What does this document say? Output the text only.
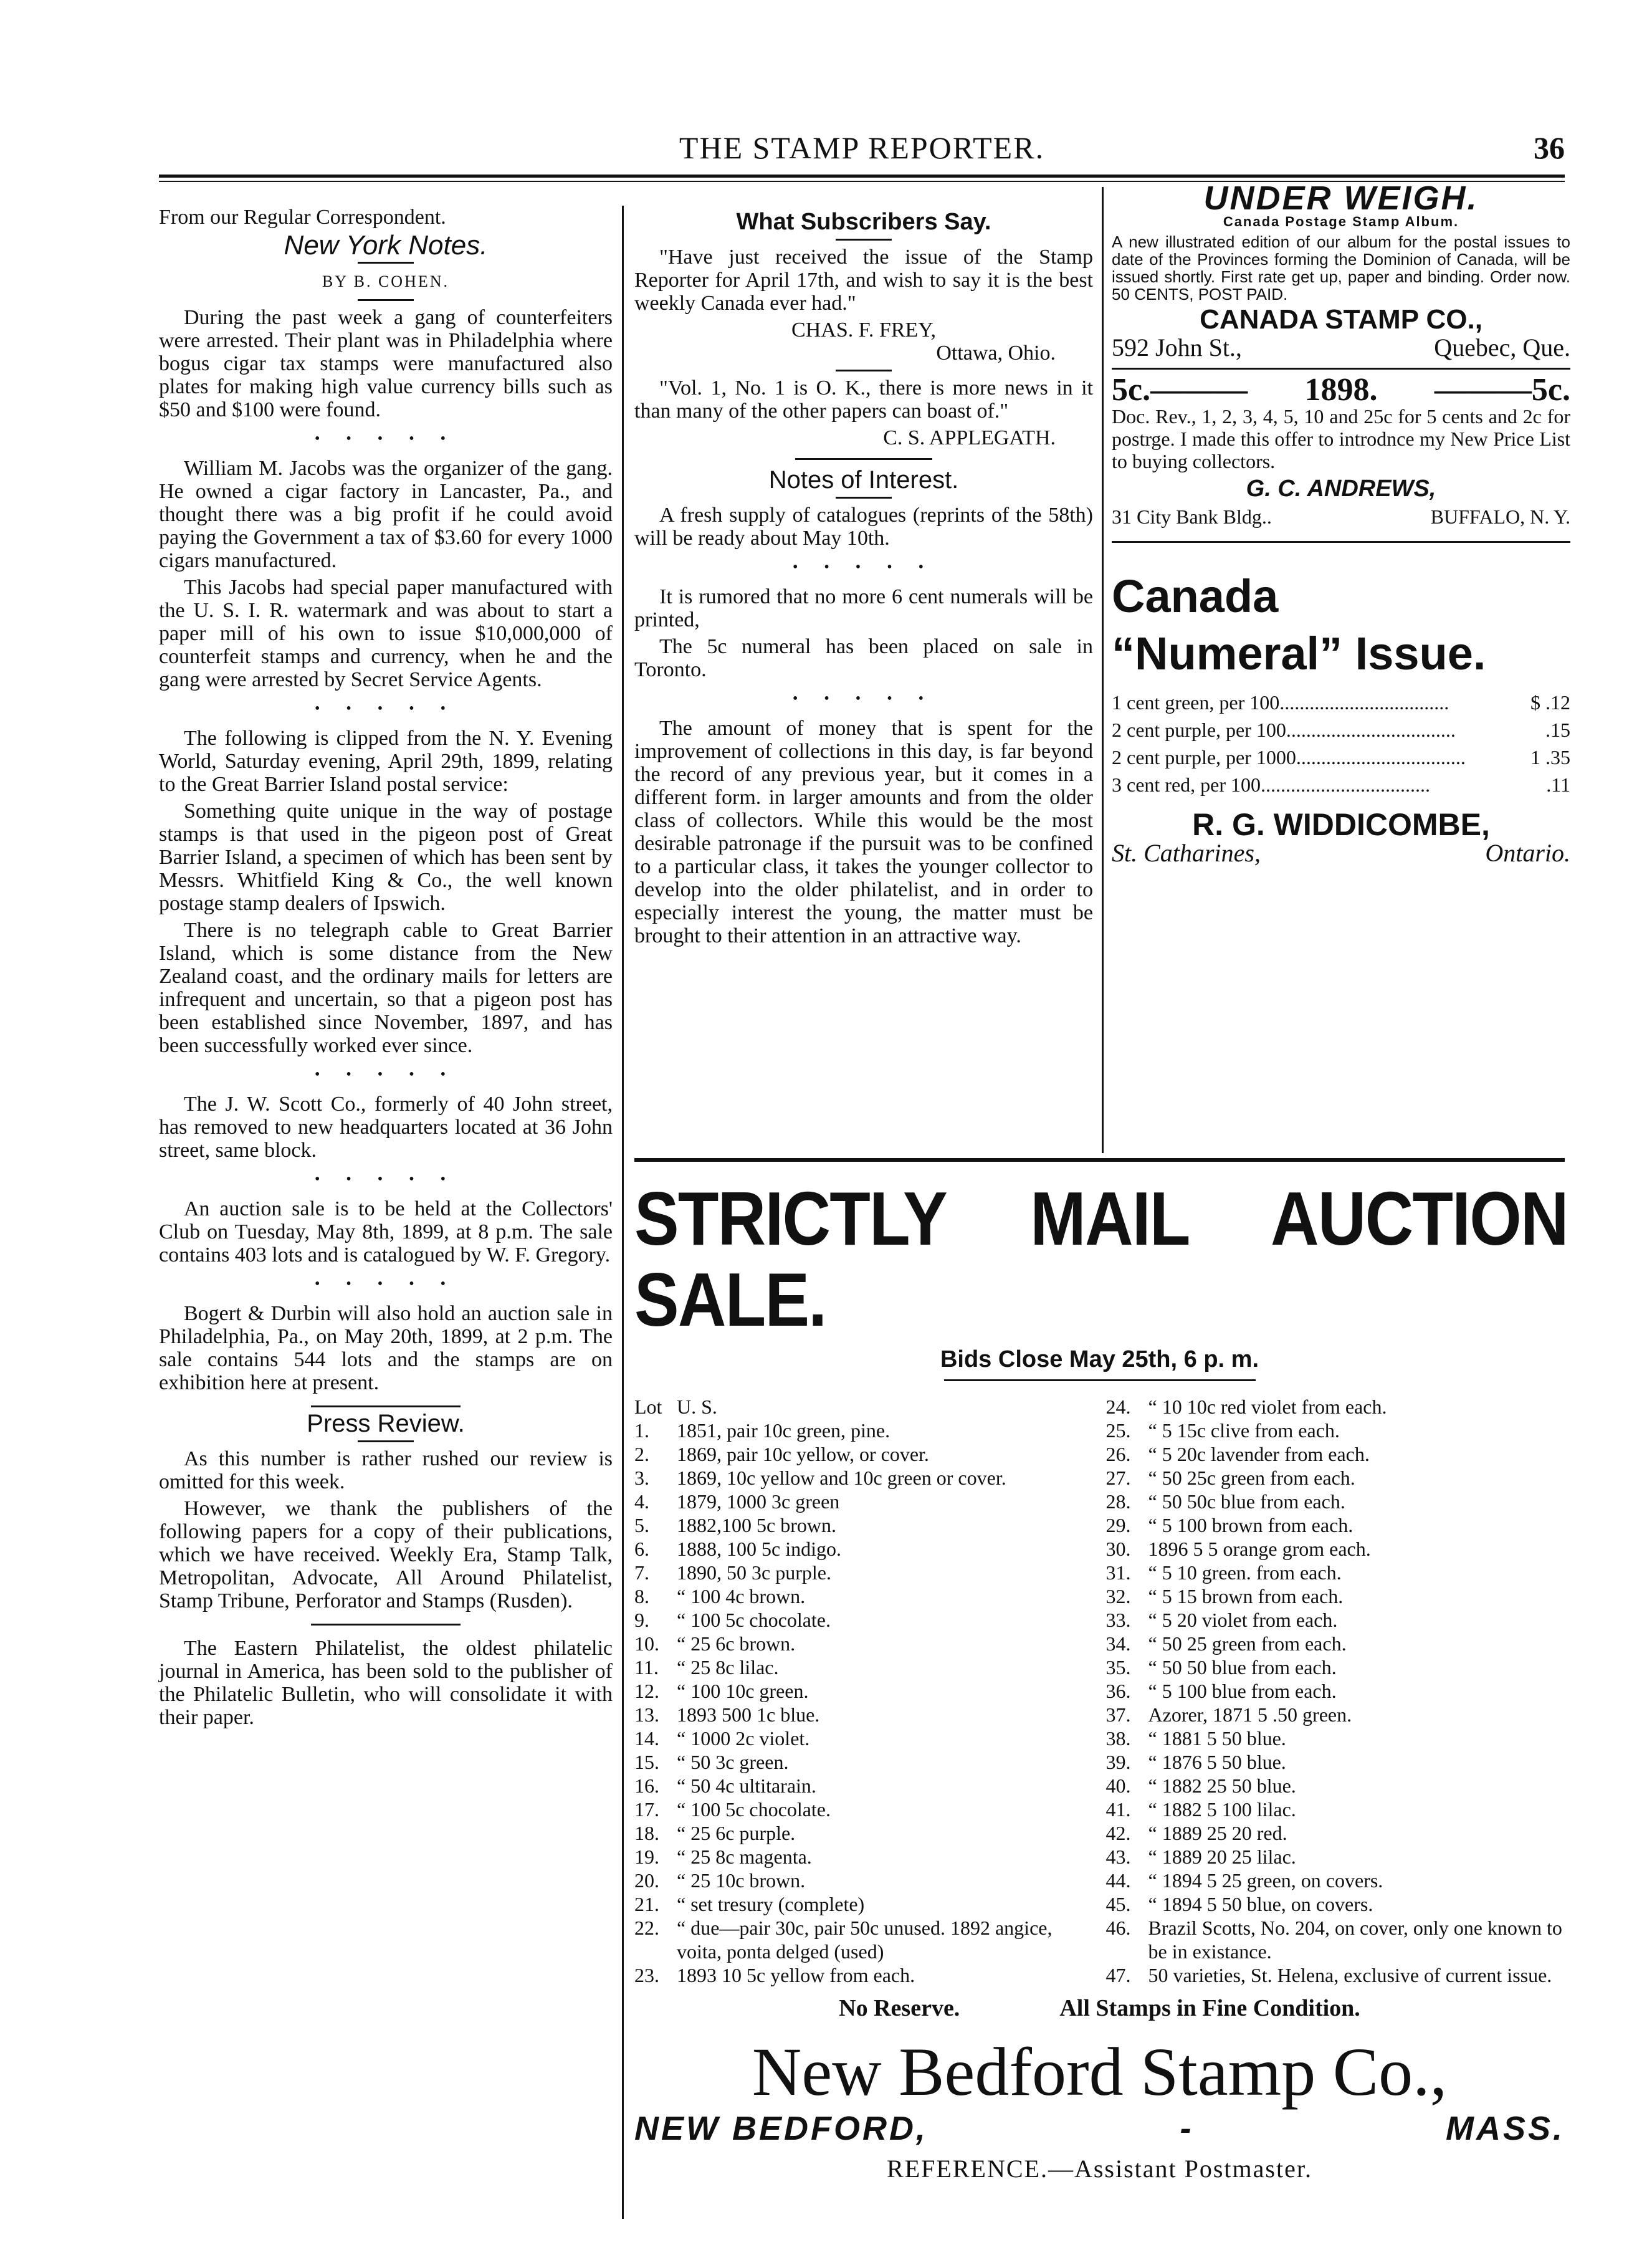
THE STAMP REPORTER.	36
From our Regular Correspondent.
New York Notes.
BY B. COHEN.

During the past week a gang of counterfeiters were arrested. Their plant was in Philadelphia where bogus cigar tax stamps were manufactured also plates for making high value currency bills such as $50 and $100 were found.

• • • • •

William M. Jacobs was the organizer of the gang. He owned a cigar factory in Lancaster, Pa., and thought there was a big profit if he could avoid paying the Government a tax of $3.60 for every 1000 cigars manufactured.

This Jacobs had special paper manufactured with the U. S. I. R. watermark and was about to start a paper mill of his own to issue $10,000,000 of counterfeit stamps and currency, when he and the gang were arrested by Secret Service Agents.

• • • • •

The following is clipped from the N. Y. Evening World, Saturday evening, April 29th, 1899, relating to the Great Barrier Island postal service:

Something quite unique in the way of postage stamps is that used in the pigeon post of Great Barrier Island, a specimen of which has been sent by Messrs. Whitfield King & Co., the well known postage stamp dealers of Ipswich.

There is no telegraph cable to Great Barrier Island, which is some distance from the New Zealand coast, and the ordinary mails for letters are infrequent and uncertain, so that a pigeon post has been established since November, 1897, and has been successfully worked ever since.

• • • • •

The J. W. Scott Co., formerly of 40 John street, has removed to new headquarters located at 36 John street, same block.

• • • • •

An auction sale is to be held at the Collectors' Club on Tuesday, May 8th, 1899, at 8 p.m. The sale contains 403 lots and is catalogued by W. F. Gregory.

• • • • •

Bogert & Durbin will also hold an auction sale in Philadelphia, Pa., on May 20th, 1899, at 2 p.m. The sale contains 544 lots and the stamps are on exhibition here at present.

Press Review.

As this number is rather rushed our review is omitted for this week.

However, we thank the publishers of the following papers for a copy of their publications, which we have received. Weekly Era, Stamp Talk, Metropolitan, Advocate, All Around Philatelist, Stamp Tribune, Perforator and Stamps (Rusden).

The Eastern Philatelist, the oldest philatelic journal in America, has been sold to the publisher of the Philatelic Bulletin, who will consolidate it with their paper.

What Subscribers Say.

"Have just received the issue of the Stamp Reporter for April 17th, and wish to say it is the best weekly Canada ever had."

CHAS. F. FREY,
Ottawa, Ohio.

"Vol. 1, No. 1 is O. K., there is more news in it than many of the other papers can boast of."

C. S. APPLEGATH.
Notes of Interest.

A fresh supply of catalogues (reprints of the 58th) will be ready about May 10th.

• • • • •

It is rumored that no more 6 cent numerals will be printed,

The 5c numeral has been placed on sale in Toronto.

• • • • •

The amount of money that is spent for the improvement of collections in this day, is far beyond the record of any previous year, but it comes in a different form. in larger amounts and from the older class of collectors. While this would be the most desirable patronage if the pursuit was to be confined to a particular class, it takes the younger collector to develop into the older philatelist, and in order to especially interest the young, the matter must be brought to their attention in an attractive way.

UNDER WEIGH.
Canada Postage Stamp Album.
A new illustrated edition of our album for the postal issues to date of the Provinces forming the Dominion of Canada, will be issued shortly. First rate get up, paper and binding. Order now. 50 CENTS, POST PAID.
CANADA STAMP CO.,
592 John St.,	Quebec, Que.
5c.——— 1898. ———5c.
Doc. Rev., 1, 2, 3, 4, 5, 10 and 25c for 5 cents and 2c for postrge. I made this offer to introdnce my New Price List to buying collectors.
G. C. ANDREWS,
31 City Bank Bldg..	BUFFALO, N. Y.
Canada
“Numeral” Issue.
1 cent green, per 100 ..................................	$ .12
2 cent purple, per 100 ..................................	.15
2 cent purple, per 1000 ..................................	1 .35
3 cent red, per 100 ..................................	.11
R. G. WIDDICOMBE,
St. Catharines,	Ontario.
STRICTLY MAIL AUCTION SALE.
Bids Close May 25th, 6 p. m.
Lot U. S.
1.	1851, pair 10c green, pine.
2.	1869, pair 10c yellow, or cover.
3.	1869, 10c yellow and 10c green or cover.
4.	1879, 1000 3c green
5.	1882,100 5c brown.
6.	1888, 100 5c indigo.
7.	1890, 50 3c purple.
8.	“ 100 4c brown.
9.	“ 100 5c chocolate.
10. “ 25 6c brown.
11. “ 25 8c lilac.
12. “ 100 10c green.
13. 1893 500 1c blue.
14. “ 1000 2c violet.
15. “ 50 3c green.
16. “ 50 4c ultitarain.
17. “ 100 5c chocolate.
18. “ 25 6c purple.
19. “ 25 8c magenta.
20. “ 25 10c brown.
21. “ set tresury (complete)
22. “ due—pair 30c, pair 50c unused. 1892 angice, voita, ponta delged (used)
23. 1893 10 5c yellow from each.
24. “ 10 10c red violet from each.
25. “ 5 15c clive from each.
26. “ 5 20c lavender from each.
27. “ 50 25c green from each.
28. “ 50 50c blue from each.
29. “ 5 100 brown from each.
30. 1896 5 5 orange grom each.
31. “ 5 10 green. from each.
32. “ 5 15 brown from each.
33. “ 5 20 violet from each.
34. “ 50 25 green from each.
35. “ 50 50 blue from each.
36. “ 5 100 blue from each.
37. Azorer, 1871 5 .50 green.
38. “ 1881 5 50 blue.
39. “ 1876 5 50 blue.
40. “ 1882 25 50 blue.
41. “ 1882 5 100 lilac.
42. “ 1889 25 20 red.
43. “ 1889 20 25 lilac.
44. “ 1894 5 25 green, on covers.
45. “ 1894 5 50 blue, on covers.
46. Brazil Scotts, No. 204, on cover, only one known to be in existance.
47. 50 varieties, St. Helena, exclusive of current issue.
No Reserve.	All Stamps in Fine Condition.
New Bedford Stamp Co.,
NEW BEDFORD,	-	MASS.
REFERENCE.—Assistant Postmaster.
